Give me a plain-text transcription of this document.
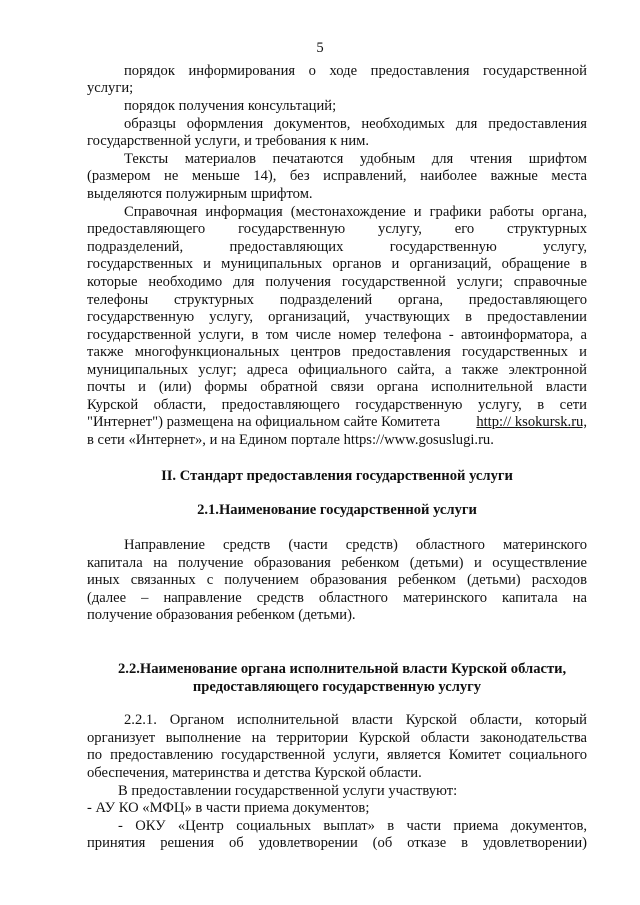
5
порядок информирования о ходе предоставления государственной
услуги;
порядок получения консультаций;
образцы оформления документов, необходимых для предоставления
государственной услуги, и требования к ним.
Тексты материалов печатаются удобным для чтения шрифтом
(размером не меньше 14), без исправлений, наиболее важные места
выделяются полужирным шрифтом.
Справочная информация (местонахождение и графики работы органа,
предоставляющего государственную услугу, его структурных
подразделений, предоставляющих государственную услугу,
государственных и муниципальных органов и организаций, обращение в
которые необходимо для получения государственной услуги; справочные
телефоны структурных подразделений органа, предоставляющего
государственную услугу, организаций, участвующих в предоставлении
государственной услуги, в том числе номер телефона - автоинформатора, а
также многофункциональных центров предоставления государственных и
муниципальных услуг; адреса официального сайта, а также электронной
почты и (или) формы обратной связи органа исполнительной власти
Курской области, предоставляющего государственную услугу, в сети
"Интернет") размещена на официальном сайте Комитета http:// ksokursk.ru,
в сети «Интернет», и на Едином портале https://www.gosuslugi.ru.
II. Стандарт предоставления государственной услуги
2.1.Наименование государственной услуги
Направление средств (части средств) областного материнского
капитала на получение образования ребенком (детьми) и осуществление
иных связанных с получением образования ребенком (детьми) расходов
(далее – направление средств областного материнского капитала на
получение образования ребенком (детьми).
2.2.Наименование органа исполнительной власти Курской области,
предоставляющего государственную услугу
2.2.1. Органом исполнительной власти Курской области, который
организует выполнение на территории Курской области законодательства
по предоставлению государственной услуги, является Комитет социального
обеспечения, материнства и детства Курской области.
В предоставлении государственной услуги участвуют:
- АУ КО «МФЦ» в части приема документов;
- ОКУ «Центр социальных выплат» в части приема документов,
принятия решения об удовлетворении (об отказе в удовлетворении)
